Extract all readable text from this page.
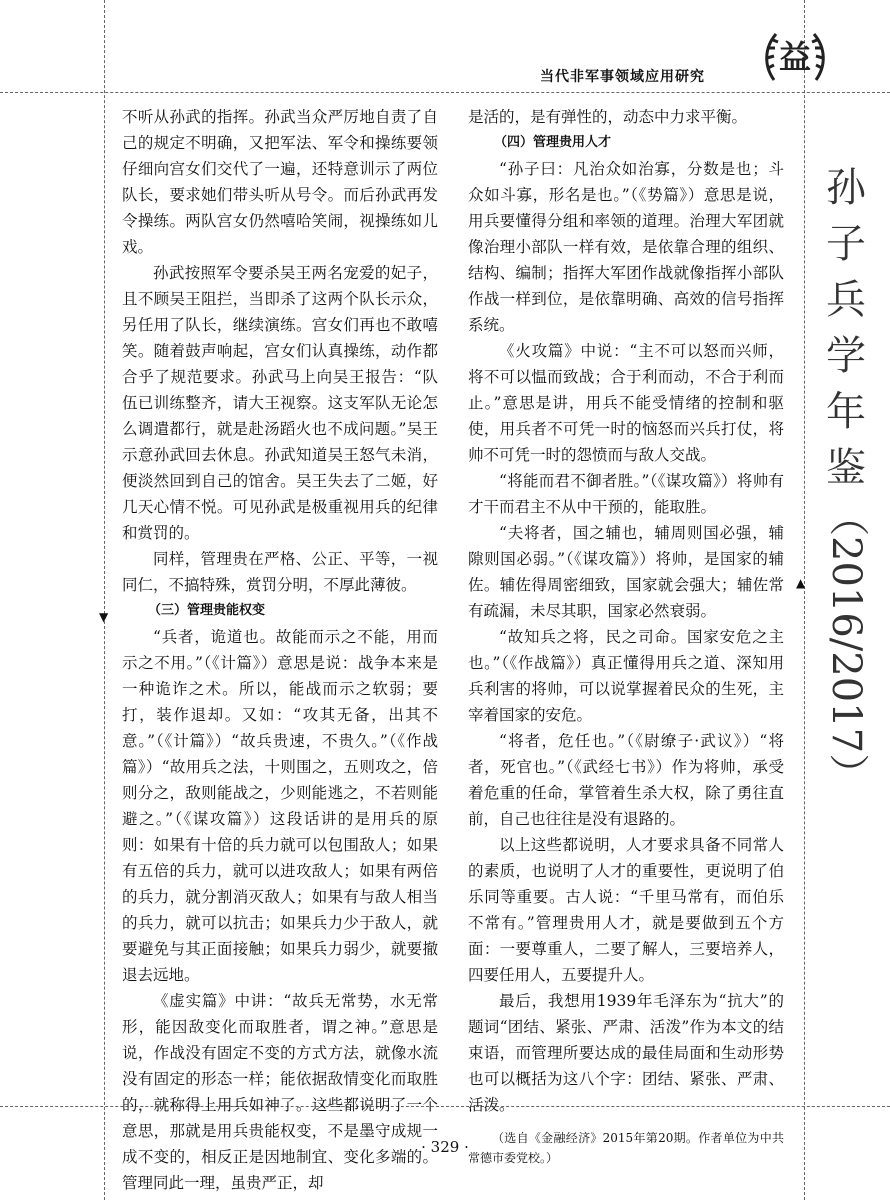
当代非军事领域应用研究
益

不听从孙武的指挥。孙武当众严厉地自责了自己的规定不明确，又把军法、军令和操练要领仔细向宫女们交代了一遍，还特意训示了两位队长，要求她们带头听从号令。而后孙武再发令操练。两队宫女仍然嘻哈笑闹，视操练如儿戏。

孙武按照军令要杀吴王两名宠爱的妃子，且不顾吴王阻拦，当即杀了这两个队长示众，另任用了队长，继续演练。宫女们再也不敢嘻笑。随着鼓声响起，宫女们认真操练，动作都合乎了规范要求。孙武马上向吴王报告：“队伍已训练整齐，请大王视察。这支军队无论怎么调遣都行，就是赴汤蹈火也不成问题。”吴王示意孙武回去休息。孙武知道吴王怒气未消，便淡然回到自己的馆舍。吴王失去了二姬，好几天心情不悦。可见孙武是极重视用兵的纪律和赏罚的。

同样，管理贵在严格、公正、平等，一视同仁，不搞特殊，赏罚分明，不厚此薄彼。

（三）管理贵能权变

“兵者，诡道也。故能而示之不能，用而示之不用。”（《计篇》）意思是说：战争本来是一种诡诈之术。所以，能战而示之软弱；要打，装作退却。又如：“攻其无备，出其不意。”（《计篇》）“故兵贵速，不贵久。”（《作战篇》）“故用兵之法，十则围之，五则攻之，倍则分之，敌则能战之，少则能逃之，不若则能避之。”（《谋攻篇》）这段话讲的是用兵的原则：如果有十倍的兵力就可以包围敌人；如果有五倍的兵力，就可以进攻敌人；如果有两倍的兵力，就分割消灭敌人；如果有与敌人相当的兵力，就可以抗击；如果兵力少于敌人，就要避免与其正面接触；如果兵力弱少，就要撤退去远地。

《虚实篇》中讲：“故兵无常势，水无常形，能因敌变化而取胜者，谓之神。”意思是说，作战没有固定不变的方式方法，就像水流没有固定的形态一样；能依据敌情变化而取胜的，就称得上用兵如神了。这些都说明了一个意思，那就是用兵贵能权变，不是墨守成规一成不变的，相反正是因地制宜、变化多端的。管理同此一理，虽贵严正，却

是活的，是有弹性的，动态中力求平衡。

（四）管理贵用人才

“孙子曰：凡治众如治寡，分数是也；斗众如斗寡，形名是也。”（《势篇》）意思是说，用兵要懂得分组和率领的道理。治理大军团就像治理小部队一样有效，是依靠合理的组织、结构、编制；指挥大军团作战就像指挥小部队作战一样到位，是依靠明确、高效的信号指挥系统。

《火攻篇》中说：“主不可以怒而兴师，将不可以愠而致战；合于利而动，不合于利而止。”意思是讲，用兵不能受情绪的控制和驱使，用兵者不可凭一时的恼怒而兴兵打仗，将帅不可凭一时的怨愤而与敌人交战。

“将能而君不御者胜。”（《谋攻篇》）将帅有才干而君主不从中干预的，能取胜。

“夫将者，国之辅也，辅周则国必强，辅隙则国必弱。”（《谋攻篇》）将帅，是国家的辅佐。辅佐得周密细致，国家就会强大；辅佐常有疏漏，未尽其职，国家必然衰弱。

“故知兵之将，民之司命。国家安危之主也。”（《作战篇》）真正懂得用兵之道、深知用兵利害的将帅，可以说掌握着民众的生死，主宰着国家的安危。

“将者，危任也。”（《尉缭子·武议》）“将者，死官也。”（《武经七书》）作为将帅，承受着危重的任命，掌管着生杀大权，除了勇往直前，自己也往往是没有退路的。

以上这些都说明，人才要求具备不同常人的素质，也说明了人才的重要性，更说明了伯乐同等重要。古人说：“千里马常有，而伯乐不常有。”管理贵用人才，就是要做到五个方面：一要尊重人，二要了解人，三要培养人，四要任用人，五要提升人。

最后，我想用1939年毛泽东为“抗大”的题词“团结、紧张、严肃、活泼”作为本文的结束语，而管理所要达成的最佳局面和生动形势也可以概括为这八个字：团结、紧张、严肃、活泼。

（选自《金融经济》2015年第20期。作者单位为中共常德市委党校。）

▼
▲
孙
子
兵
学
年
鉴
（2016/2017）
· 329 ·
